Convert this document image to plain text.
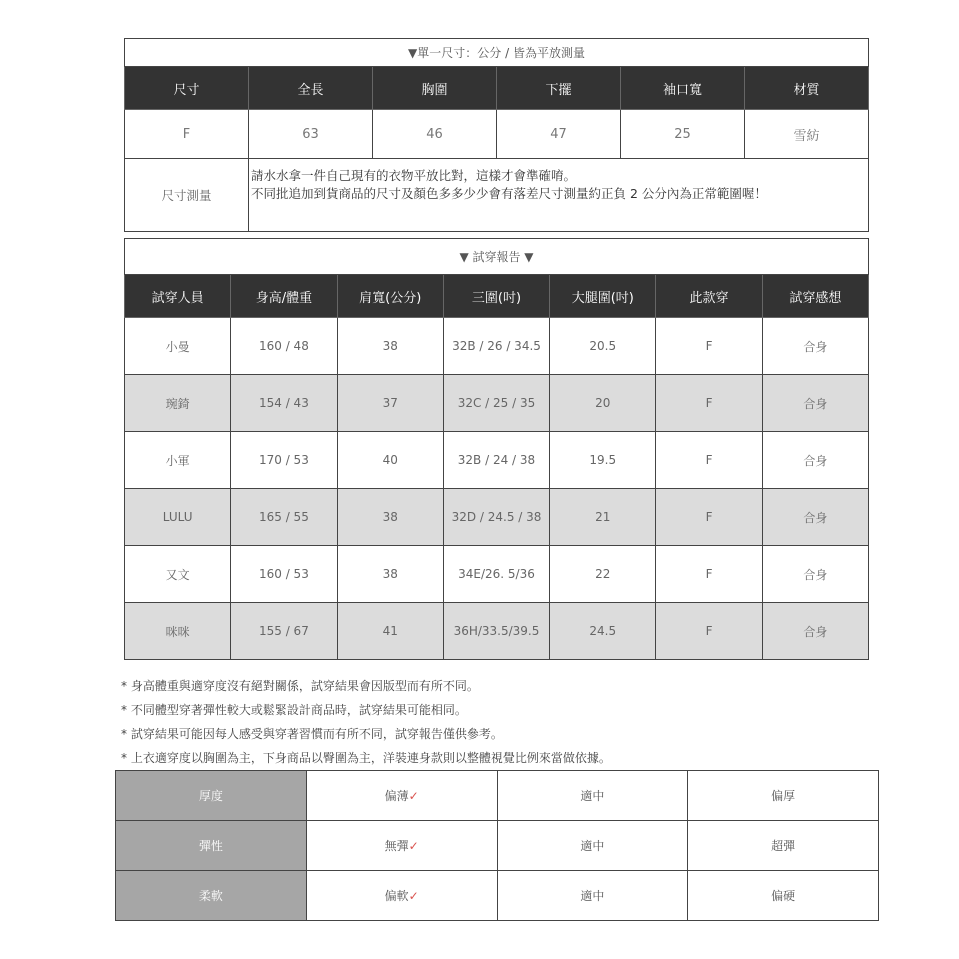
▼單一尺寸：公分 / 皆為平放測量					
尺寸	全長	胸圍	下擺	袖口寬	材質
F	63	46	47	25	雪紡
尺寸測量	請水水拿一件自己現有的衣物平放比對，這樣才會準確唷。
不同批追加到貨商品的尺寸及顏色多多少少會有落差尺寸測量約正負 2 公分內為正常範圍喔！				
▼ 試穿報告 ▼						
試穿人員	身高/體重	肩寬(公分)	三圍(吋)	大腿圍(吋)	此款穿	試穿感想
小曼	160 / 48	38	32B / 26 / 34.5	20.5	F	合身
琬錡	154 / 43	37	32C / 25 / 35	20	F	合身
小軍	170 / 53	40	32B / 24 / 38	19.5	F	合身
LULU	165 / 55	38	32D / 24.5 / 38	21	F	合身
又文	160 / 53	38	34E/26. 5/36	22	F	合身
咪咪	155 / 67	41	36H/33.5/39.5	24.5	F	合身
* 身高體重與適穿度沒有絕對關係，試穿結果會因版型而有所不同。
* 不同體型穿著彈性較大或鬆緊設計商品時，試穿結果可能相同。
* 試穿結果可能因每人感受與穿著習慣而有所不同，試穿報告僅供參考。
* 上衣適穿度以胸圍為主，下身商品以臀圍為主，洋裝連身款則以整體視覺比例來當做依據。
厚度	偏薄✓	適中	偏厚
彈性	無彈✓	適中	超彈
柔軟	偏軟✓	適中	偏硬
